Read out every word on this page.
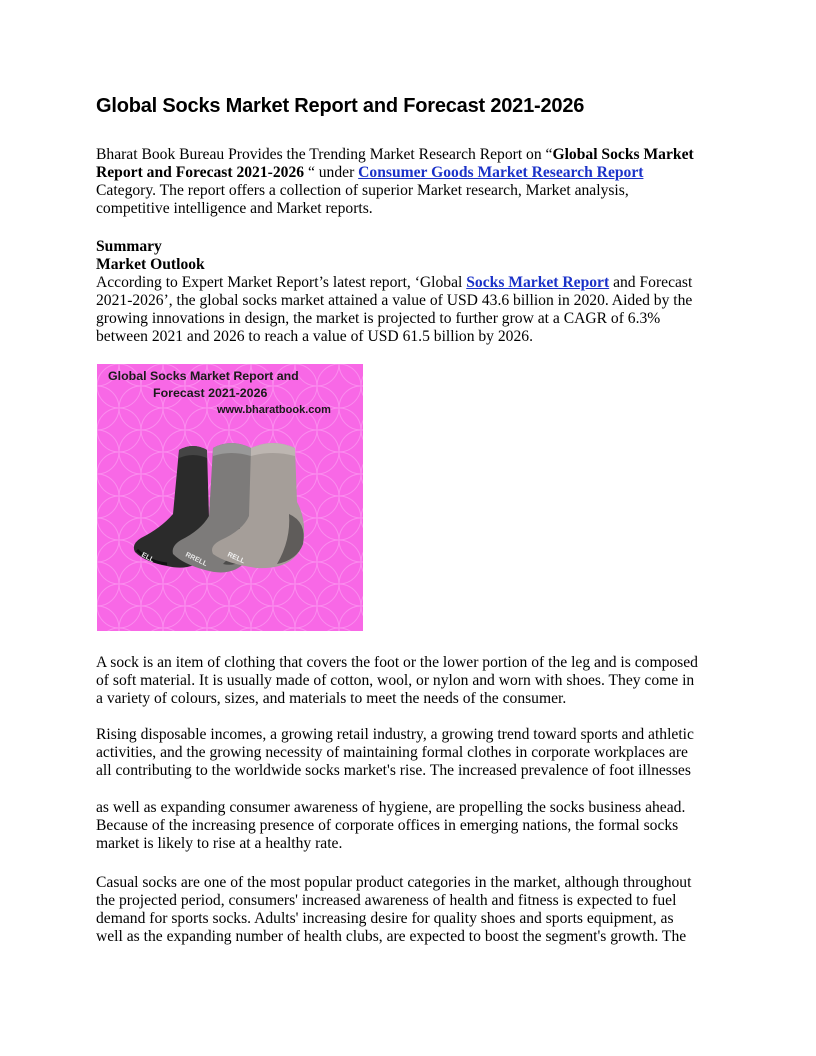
Global Socks Market Report and Forecast 2021-2026

Bharat Book Bureau Provides the Trending Market Research Report on “Global Socks Market
Report and Forecast 2021-2026 “ under Consumer Goods Market Research Report
Category. The report offers a collection of superior Market research, Market analysis,
competitive intelligence and Market reports.

Summary
Market Outlook
According to Expert Market Report’s latest report, ‘Global Socks Market Report and Forecast
2021-2026’, the global socks market attained a value of USD 43.6 billion in 2020. Aided by the
growing innovations in design, the market is projected to further grow at a CAGR of 6.3%
between 2021 and 2026 to reach a value of USD 61.5 billion by 2026.

A sock is an item of clothing that covers the foot or the lower portion of the leg and is composed
of soft material. It is usually made of cotton, wool, or nylon and worn with shoes. They come in
a variety of colours, sizes, and materials to meet the needs of the consumer.

Rising disposable incomes, a growing retail industry, a growing trend toward sports and athletic
activities, and the growing necessity of maintaining formal clothes in corporate workplaces are
all contributing to the worldwide socks market's rise. The increased prevalence of foot illnesses

as well as expanding consumer awareness of hygiene, are propelling the socks business ahead.
Because of the increasing presence of corporate offices in emerging nations, the formal socks
market is likely to rise at a healthy rate.

Casual socks are one of the most popular product categories in the market, although throughout
the projected period, consumers' increased awareness of health and fitness is expected to fuel
demand for sports socks. Adults' increasing desire for quality shoes and sports equipment, as
well as the expanding number of health clubs, are expected to boost the segment's growth. The

Global Socks Market Report and
Forecast 2021-2026
www.bharatbook.com
ELL	RRELL	RELL
